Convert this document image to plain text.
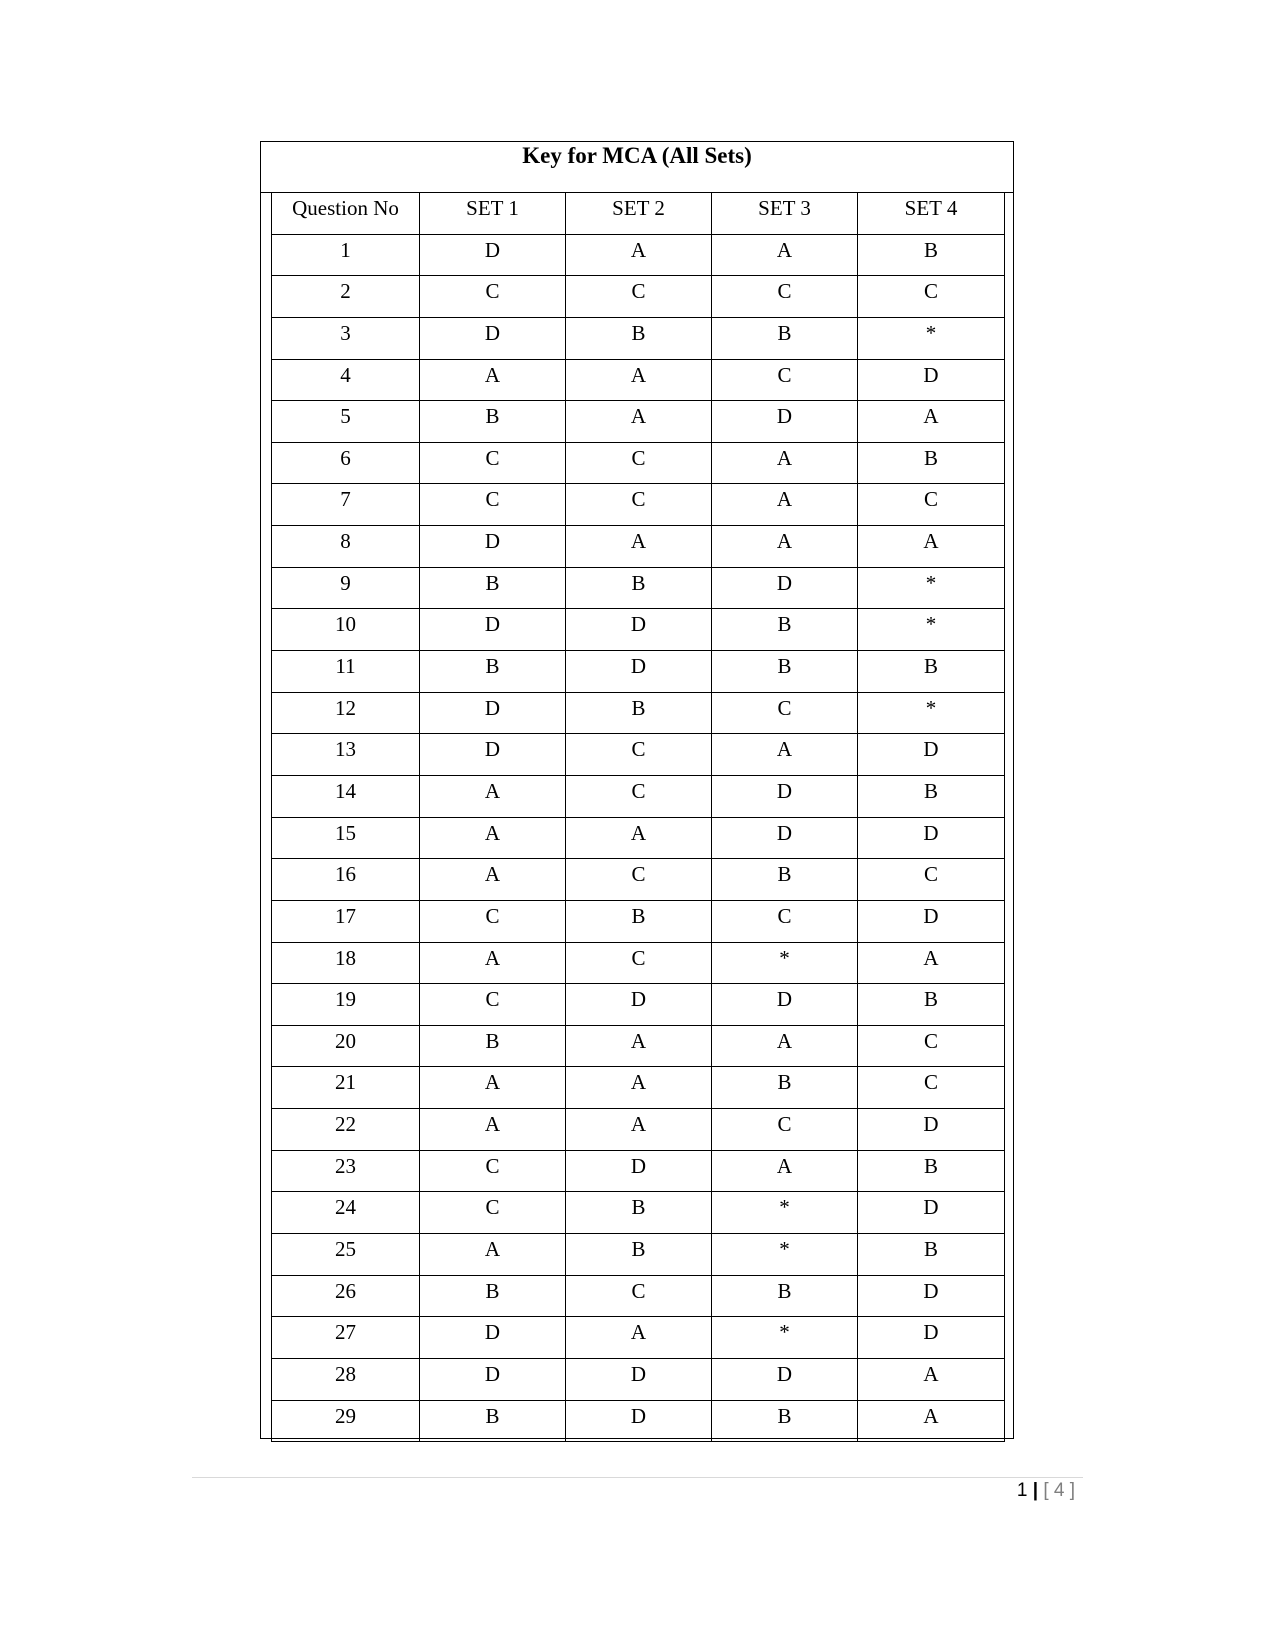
Key for MCA (All Sets)
Question No	SET 1	SET 2	SET 3	SET 4
1	D	A	A	B
2	C	C	C	C
3	D	B	B	*
4	A	A	C	D
5	B	A	D	A
6	C	C	A	B
7	C	C	A	C
8	D	A	A	A
9	B	B	D	*
10	D	D	B	*
11	B	D	B	B
12	D	B	C	*
13	D	C	A	D
14	A	C	D	B
15	A	A	D	D
16	A	C	B	C
17	C	B	C	D
18	A	C	*	A
19	C	D	D	B
20	B	A	A	C
21	A	A	B	C
22	A	A	C	D
23	C	D	A	B
24	C	B	*	D
25	A	B	*	B
26	B	C	B	D
27	D	A	*	D
28	D	D	D	A
29	B	D	B	A
1 | [ 4 ]
